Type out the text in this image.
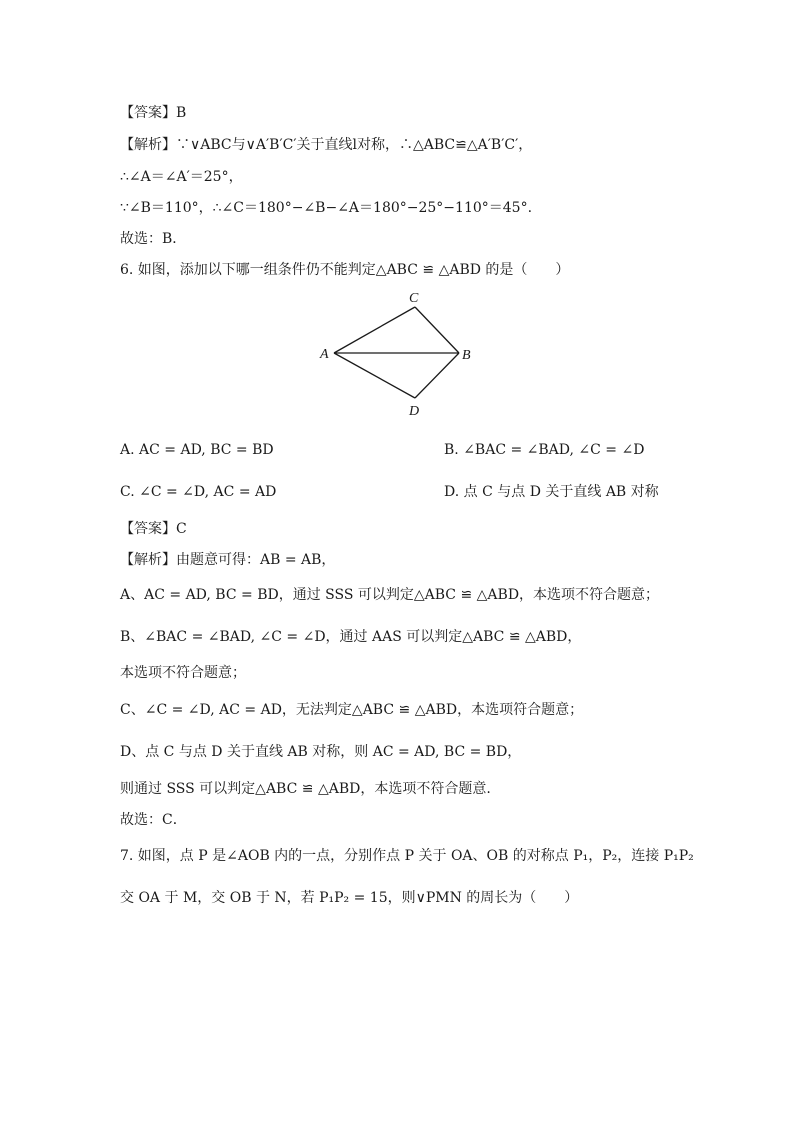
【答案】B
【解析】∵∨ABC与∨A′B′C′关于直线l对称，∴△ABC≌△A′B′C′，
∴∠A＝∠A′＝25°，
∵∠B＝110°，∴∠C＝180°−∠B−∠A＝180°−25°−110°＝45°.
故选：B．
6. 如图，添加以下哪一组条件仍不能判定△ABC ≌ △ABD 的是（　　）
C
A	B
D
A. AC = AD, BC = BD	B. ∠BAC = ∠BAD, ∠C = ∠D
C. ∠C = ∠D, AC = AD	D. 点 C 与点 D 关于直线 AB 对称
【答案】C
【解析】由题意可得：AB = AB，
A、AC = AD, BC = BD，通过 SSS 可以判定△ABC ≌ △ABD，本选项不符合题意；
B、∠BAC = ∠BAD, ∠C = ∠D，通过 AAS 可以判定△ABC ≌ △ABD，
本选项不符合题意；
C、∠C = ∠D, AC = AD，无法判定△ABC ≌ △ABD，本选项符合题意；
D、点 C 与点 D 关于直线 AB 对称，则 AC = AD, BC = BD，
则通过 SSS 可以判定△ABC ≌ △ABD，本选项不符合题意.
故选：C．
7. 如图，点 P 是∠AOB 内的一点，分别作点 P 关于 OA、OB 的对称点 P₁，P₂，连接 P₁P₂
交 OA 于 M，交 OB 于 N，若 P₁P₂ = 15，则∨PMN 的周长为（　　）
